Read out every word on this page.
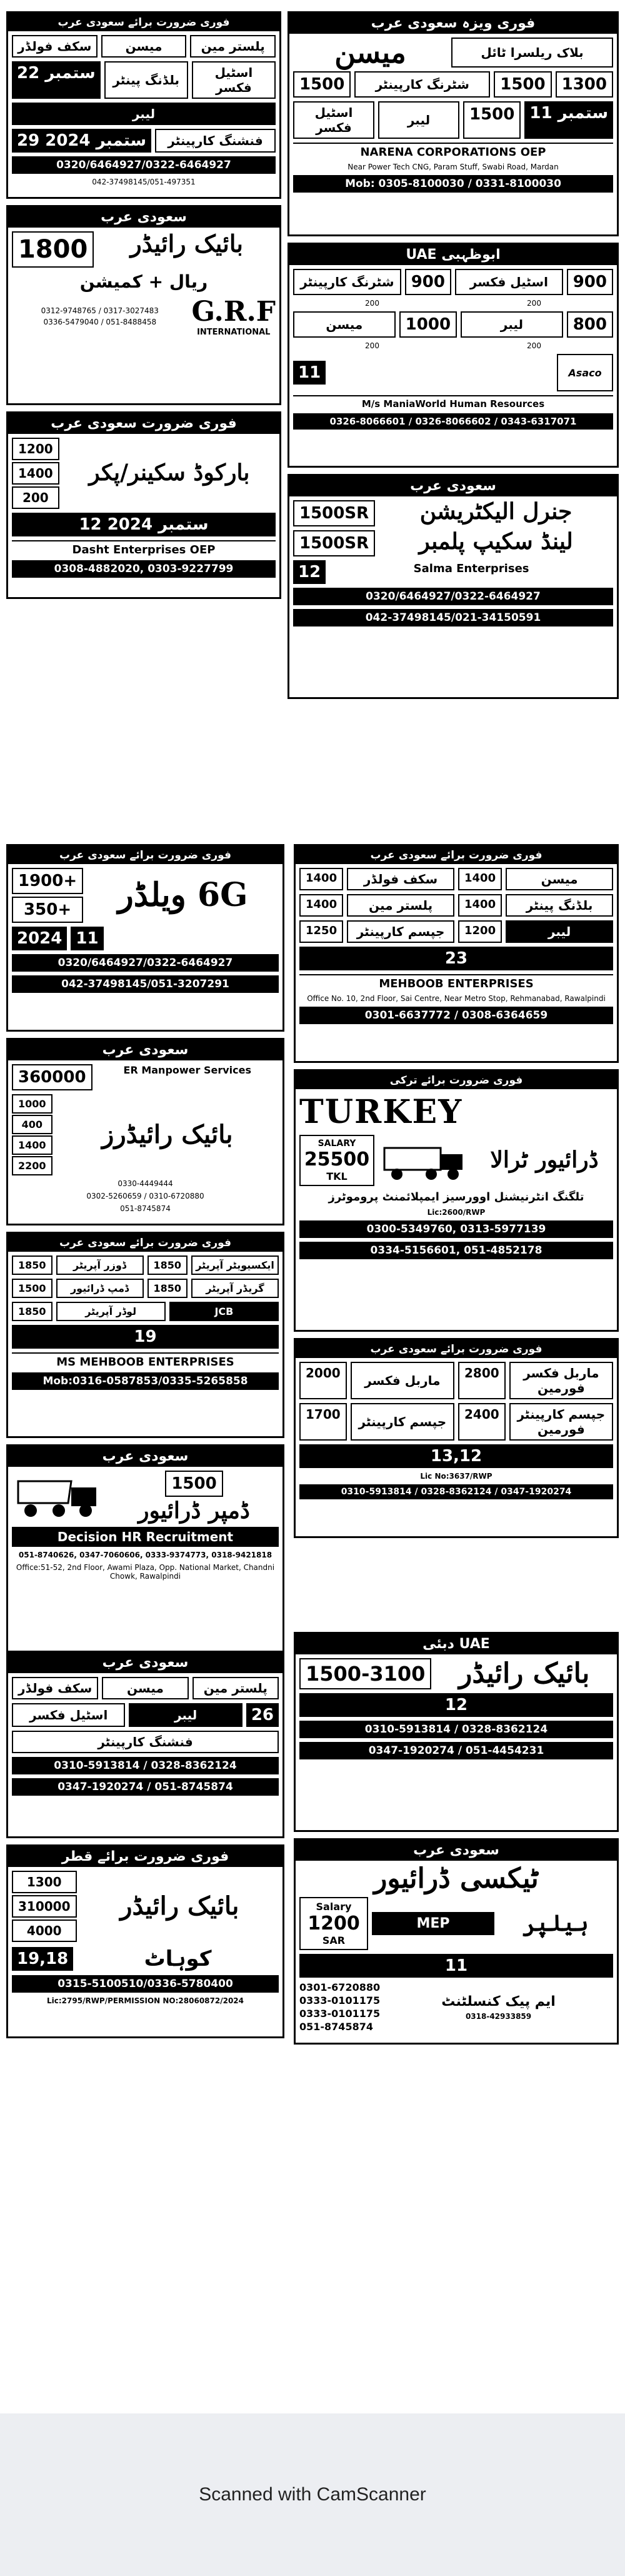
فوری ضرورت برائے سعودی عرب
سکف فولڈر	میسن	پلستر مین
22 ستمبر	بلڈنگ پینٹر	اسٹیل فکسر
لیبر
29 ستمبر 2024	فنشنگ کارپینٹر
0320/6464927/0322-6464927
042-37498145/051-497351
فوری ویزہ سعودی عرب
میسن	بلاک ریلسرا ٹائل
1500	شٹرنگ کارپینٹر	1500	1300
اسٹیل فکسر	لیبر	1500 11 ستمبر
NARENA CORPORATIONS OEP
Near Power Tech CNG, Param Stuff, Swabi Road, Mardan
Mob: 0305-8100030 / 0331-8100030
سعودی عرب
1800	بائیک رائیڈر
ریال + کمیشن
0312-9748765 / 0317-3027483
0336-5479040 / 051-8488458	G.R.F
INTERNATIONAL
UAE ابوظہبی
شٹرنگ کارپینٹر	900	اسٹیل فکسر	900
200	200
میسن	1000	لیبر	800
200	200
11	Asaco
M/s ManiaWorld Human Resources
0326-8066601 / 0326-8066602 / 0343-6317071
فوری ضرورت سعودی عرب
1200
1400
200
بارکوڈ سکینر/پکر
12 ستمبر 2024
Dasht Enterprises OEP
0308-4882020, 0303-9227799
سعودی عرب
1500SR	جنرل الیکٹریشن
1500SR	لینڈ سکیپ پلمبر
12	Salma Enterprises
0320/6464927/0322-6464927
042-37498145/021-34150591
فوری ضرورت برائے سعودی عرب
1900+
350+	6G ویلڈر
2024 11
0320/6464927/0322-6464927
042-37498145/051-3207291
فوری ضرورت برائے سعودی عرب
1400	سکف فولڈر	1400	میسن
1400	پلستر مین	1400	بلڈنگ پینٹر
1250	جپسم کارپینٹر	1200	لیبر
23
MEHBOOB ENTERPRISES
Office No. 10, 2nd Floor, Sai Centre, Near Metro Stop, Rehmanabad, Rawalpindi
0301-6637772 / 0308-6364659
سعودی عرب
360000	ER Manpower Services
1000
400
1400
2200
بائیک رائیڈرز
0330-4449444
0302-5260659 / 0310-6720880
051-8745874
فوری ضرورت برائے ترکی
TURKEY
SALARY
25500
TKL
ڈرائیور ٹرالا
تلگنگ انٹرنیشنل اوورسیز ایمپلائمنٹ پروموٹرز
Lic:2600/RWP
0300-5349760, 0313-5977139
0334-5156601, 051-4852178
فوری ضرورت برائے سعودی عرب
1850	ڈوزر آپریٹر	1850	ایکسیویٹر آپریٹر
1500	ڈمپ ڈرائیور	1850	گریڈر آپریٹر
1850	لوڈر آپریٹر	JCB
19
MS MEHBOOB ENTERPRISES
Mob:0316-0587853/0335-5265858
فوری ضرورت برائے سعودی عرب
2000	ماربل فکسر	2800	ماربل فکسر فورمین
1700	جپسم کارپینٹر	2400	جپسم کارپینٹر فورمین
13,12
Lic No:3637/RWP
0310-5913814 / 0328-8362124 / 0347-1920274
سعودی عرب
1500
ڈمپر ڈرائیور
Decision HR Recruitment
051-8740626, 0347-7060606, 0333-9374773, 0318-9421818
Office:51-52, 2nd Floor, Awami Plaza, Opp. National Market, Chandni Chowk, Rawalpindi
سعودی عرب
سکف فولڈر	میسن	پلستر مین
اسٹیل فکسر	لیبر	26
فنشنگ کارپینٹر
0310-5913814 / 0328-8362124
0347-1920274 / 051-8745874
دبئی UAE
1500-3100	بائیک رائیڈر
12
0310-5913814 / 0328-8362124
0347-1920274 / 051-4454231
فوری ضرورت برائے قطر
1300
310000
4000
بائیک رائیڈر
19,18	کوہاٹ
0315-5100510/0336-5780400
Lic:2795/RWP/PERMISSION NO:28060872/2024
سعودی عرب
ٹیکسی ڈرائیور
Salary
1200
SAR
MEP	ہیلپر
11
0301-6720880
0333-0101175
0333-0101175
051-8745874
ایم پیک کنسلٹنٹ
0318-42933859
Scanned with CamScanner
